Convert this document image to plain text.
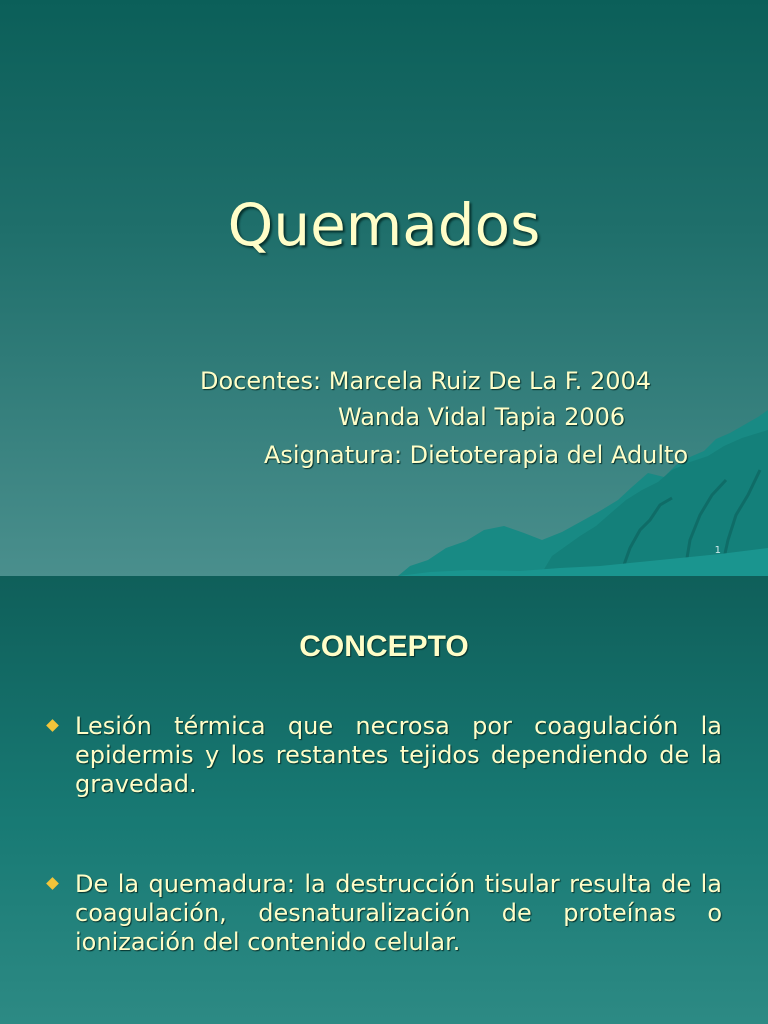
Quemados
Docentes: Marcela Ruiz De La F. 2004
Wanda Vidal Tapia 2006
Asignatura: Dietoterapia del Adulto
1
CONCEPTO
Lesión térmica que necrosa por coagulación la epidermis y los restantes tejidos dependiendo de la gravedad.
De la quemadura: la destrucción tisular resulta de la coagulación, desnaturalización de proteínas o ionización del contenido celular.
